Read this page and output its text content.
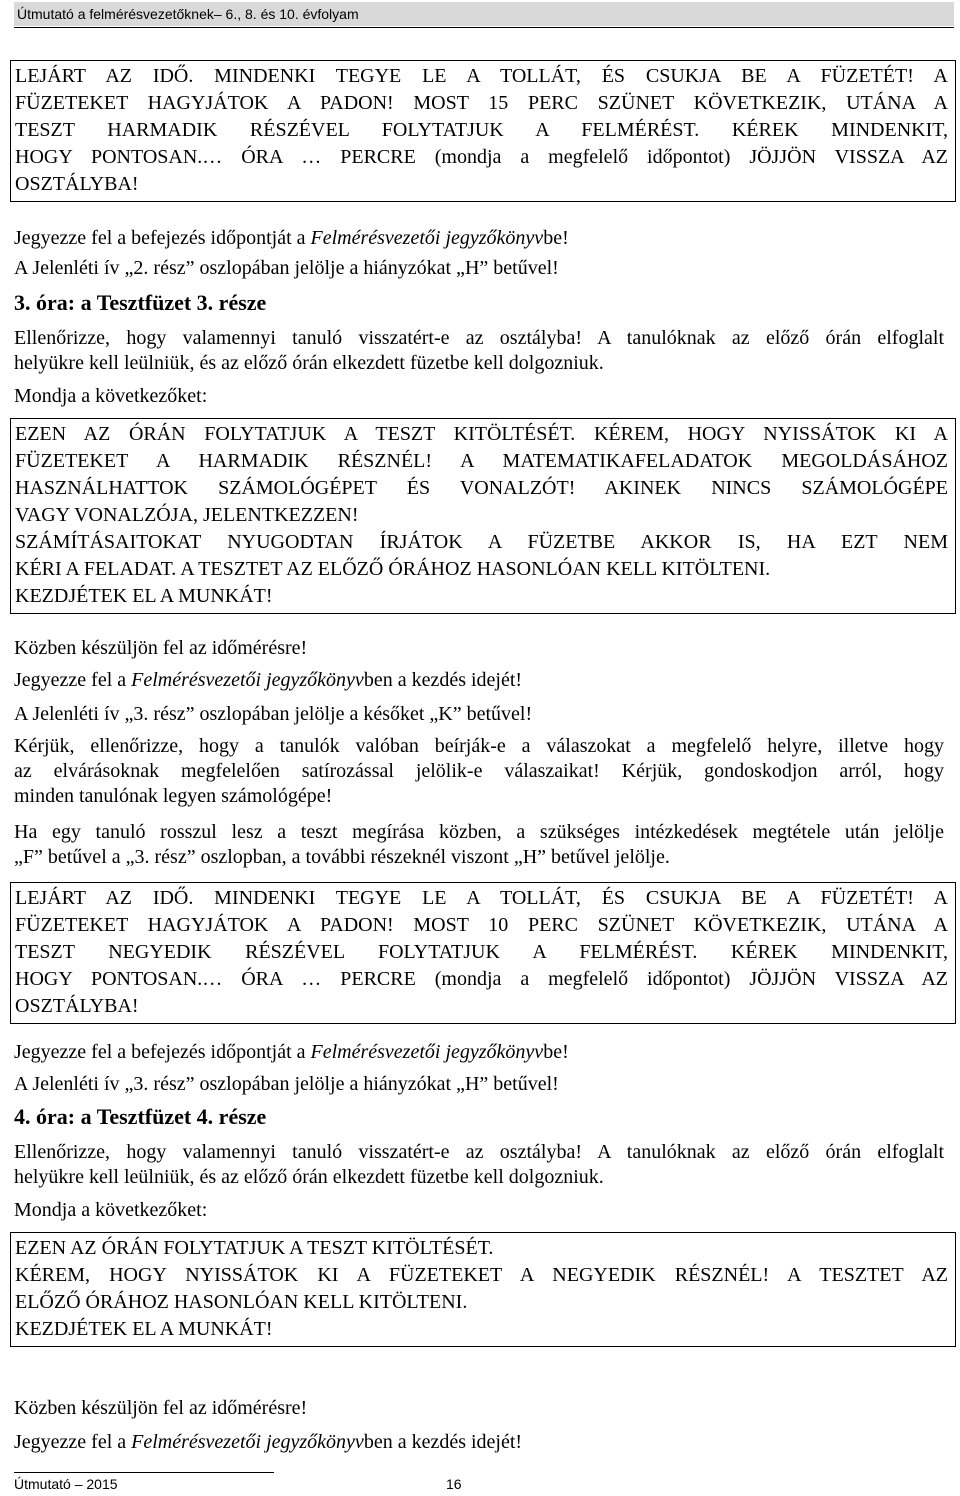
Útmutató a felmérésvezetőknek– 6., 8. és 10. évfolyam
LEJÁRT AZ IDŐ. MINDENKI TEGYE LE A TOLLÁT, ÉS CSUKJA BE A FÜZETÉT! A
FÜZETEKET HAGYJÁTOK A PADON! MOST 15 PERC SZÜNET KÖVETKEZIK, UTÁNA A
TESZT HARMADIK RÉSZÉVEL FOLYTATJUK A FELMÉRÉST. KÉREK MINDENKIT,
HOGY PONTOSAN.… ÓRA … PERCRE (mondja a megfelelő időpontot) JÖJJÖN VISSZA AZ
OSZTÁLYBA!
Jegyezze fel a befejezés időpontját a Felmérésvezetői jegyzőkönyvbe!
A Jelenléti ív „2. rész” oszlopában jelölje a hiányzókat „H” betűvel!
3. óra: a Tesztfüzet 3. része
Ellenőrizze, hogy valamennyi tanuló visszatért-e az osztályba! A tanulóknak az előző órán elfoglalt
helyükre kell leülniük, és az előző órán elkezdett füzetbe kell dolgozniuk.
Mondja a következőket:
EZEN AZ ÓRÁN FOLYTATJUK A TESZT KITÖLTÉSÉT. KÉREM, HOGY NYISSÁTOK KI A
FÜZETEKET A HARMADIK RÉSZNÉL! A MATEMATIKAFELADATOK MEGOLDÁSÁHOZ
HASZNÁLHATTOK SZÁMOLÓGÉPET ÉS VONALZÓT! AKINEK NINCS SZÁMOLÓGÉPE
VAGY VONALZÓJA, JELENTKEZZEN!
SZÁMÍTÁSAITOKAT NYUGODTAN ÍRJÁTOK A FÜZETBE AKKOR IS, HA EZT NEM
KÉRI A FELADAT. A TESZTET AZ ELŐZŐ ÓRÁHOZ HASONLÓAN KELL KITÖLTENI.
KEZDJÉTEK EL A MUNKÁT!
Közben készüljön fel az időmérésre!
Jegyezze fel a Felmérésvezetői jegyzőkönyvben a kezdés idejét!
A Jelenléti ív „3. rész” oszlopában jelölje a későket „K” betűvel!
Kérjük, ellenőrizze, hogy a tanulók valóban beírják-e a válaszokat a megfelelő helyre, illetve hogy
az elvárásoknak megfelelően satírozással jelölik-e válaszaikat! Kérjük, gondoskodjon arról, hogy
minden tanulónak legyen számológépe!
Ha egy tanuló rosszul lesz a teszt megírása közben, a szükséges intézkedések megtétele után jelölje
„F” betűvel a „3. rész” oszlopban, a további részeknél viszont „H” betűvel jelölje.
LEJÁRT AZ IDŐ. MINDENKI TEGYE LE A TOLLÁT, ÉS CSUKJA BE A FÜZETÉT! A
FÜZETEKET HAGYJÁTOK A PADON! MOST 10 PERC SZÜNET KÖVETKEZIK, UTÁNA A
TESZT NEGYEDIK RÉSZÉVEL FOLYTATJUK A FELMÉRÉST. KÉREK MINDENKIT,
HOGY PONTOSAN.… ÓRA … PERCRE (mondja a megfelelő időpontot) JÖJJÖN VISSZA AZ
OSZTÁLYBA!
Jegyezze fel a befejezés időpontját a Felmérésvezetői jegyzőkönyvbe!
A Jelenléti ív „3. rész” oszlopában jelölje a hiányzókat „H” betűvel!
4. óra: a Tesztfüzet 4. része
Ellenőrizze, hogy valamennyi tanuló visszatért-e az osztályba! A tanulóknak az előző órán elfoglalt
helyükre kell leülniük, és az előző órán elkezdett füzetbe kell dolgozniuk.
Mondja a következőket:
EZEN AZ ÓRÁN FOLYTATJUK A TESZT KITÖLTÉSÉT.
KÉREM, HOGY NYISSÁTOK KI A FÜZETEKET A NEGYEDIK RÉSZNÉL! A TESZTET AZ
ELŐZŐ ÓRÁHOZ HASONLÓAN KELL KITÖLTENI.
KEZDJÉTEK EL A MUNKÁT!
Közben készüljön fel az időmérésre!
Jegyezze fel a Felmérésvezetői jegyzőkönyvben a kezdés idejét!
Útmutató – 2015	16
